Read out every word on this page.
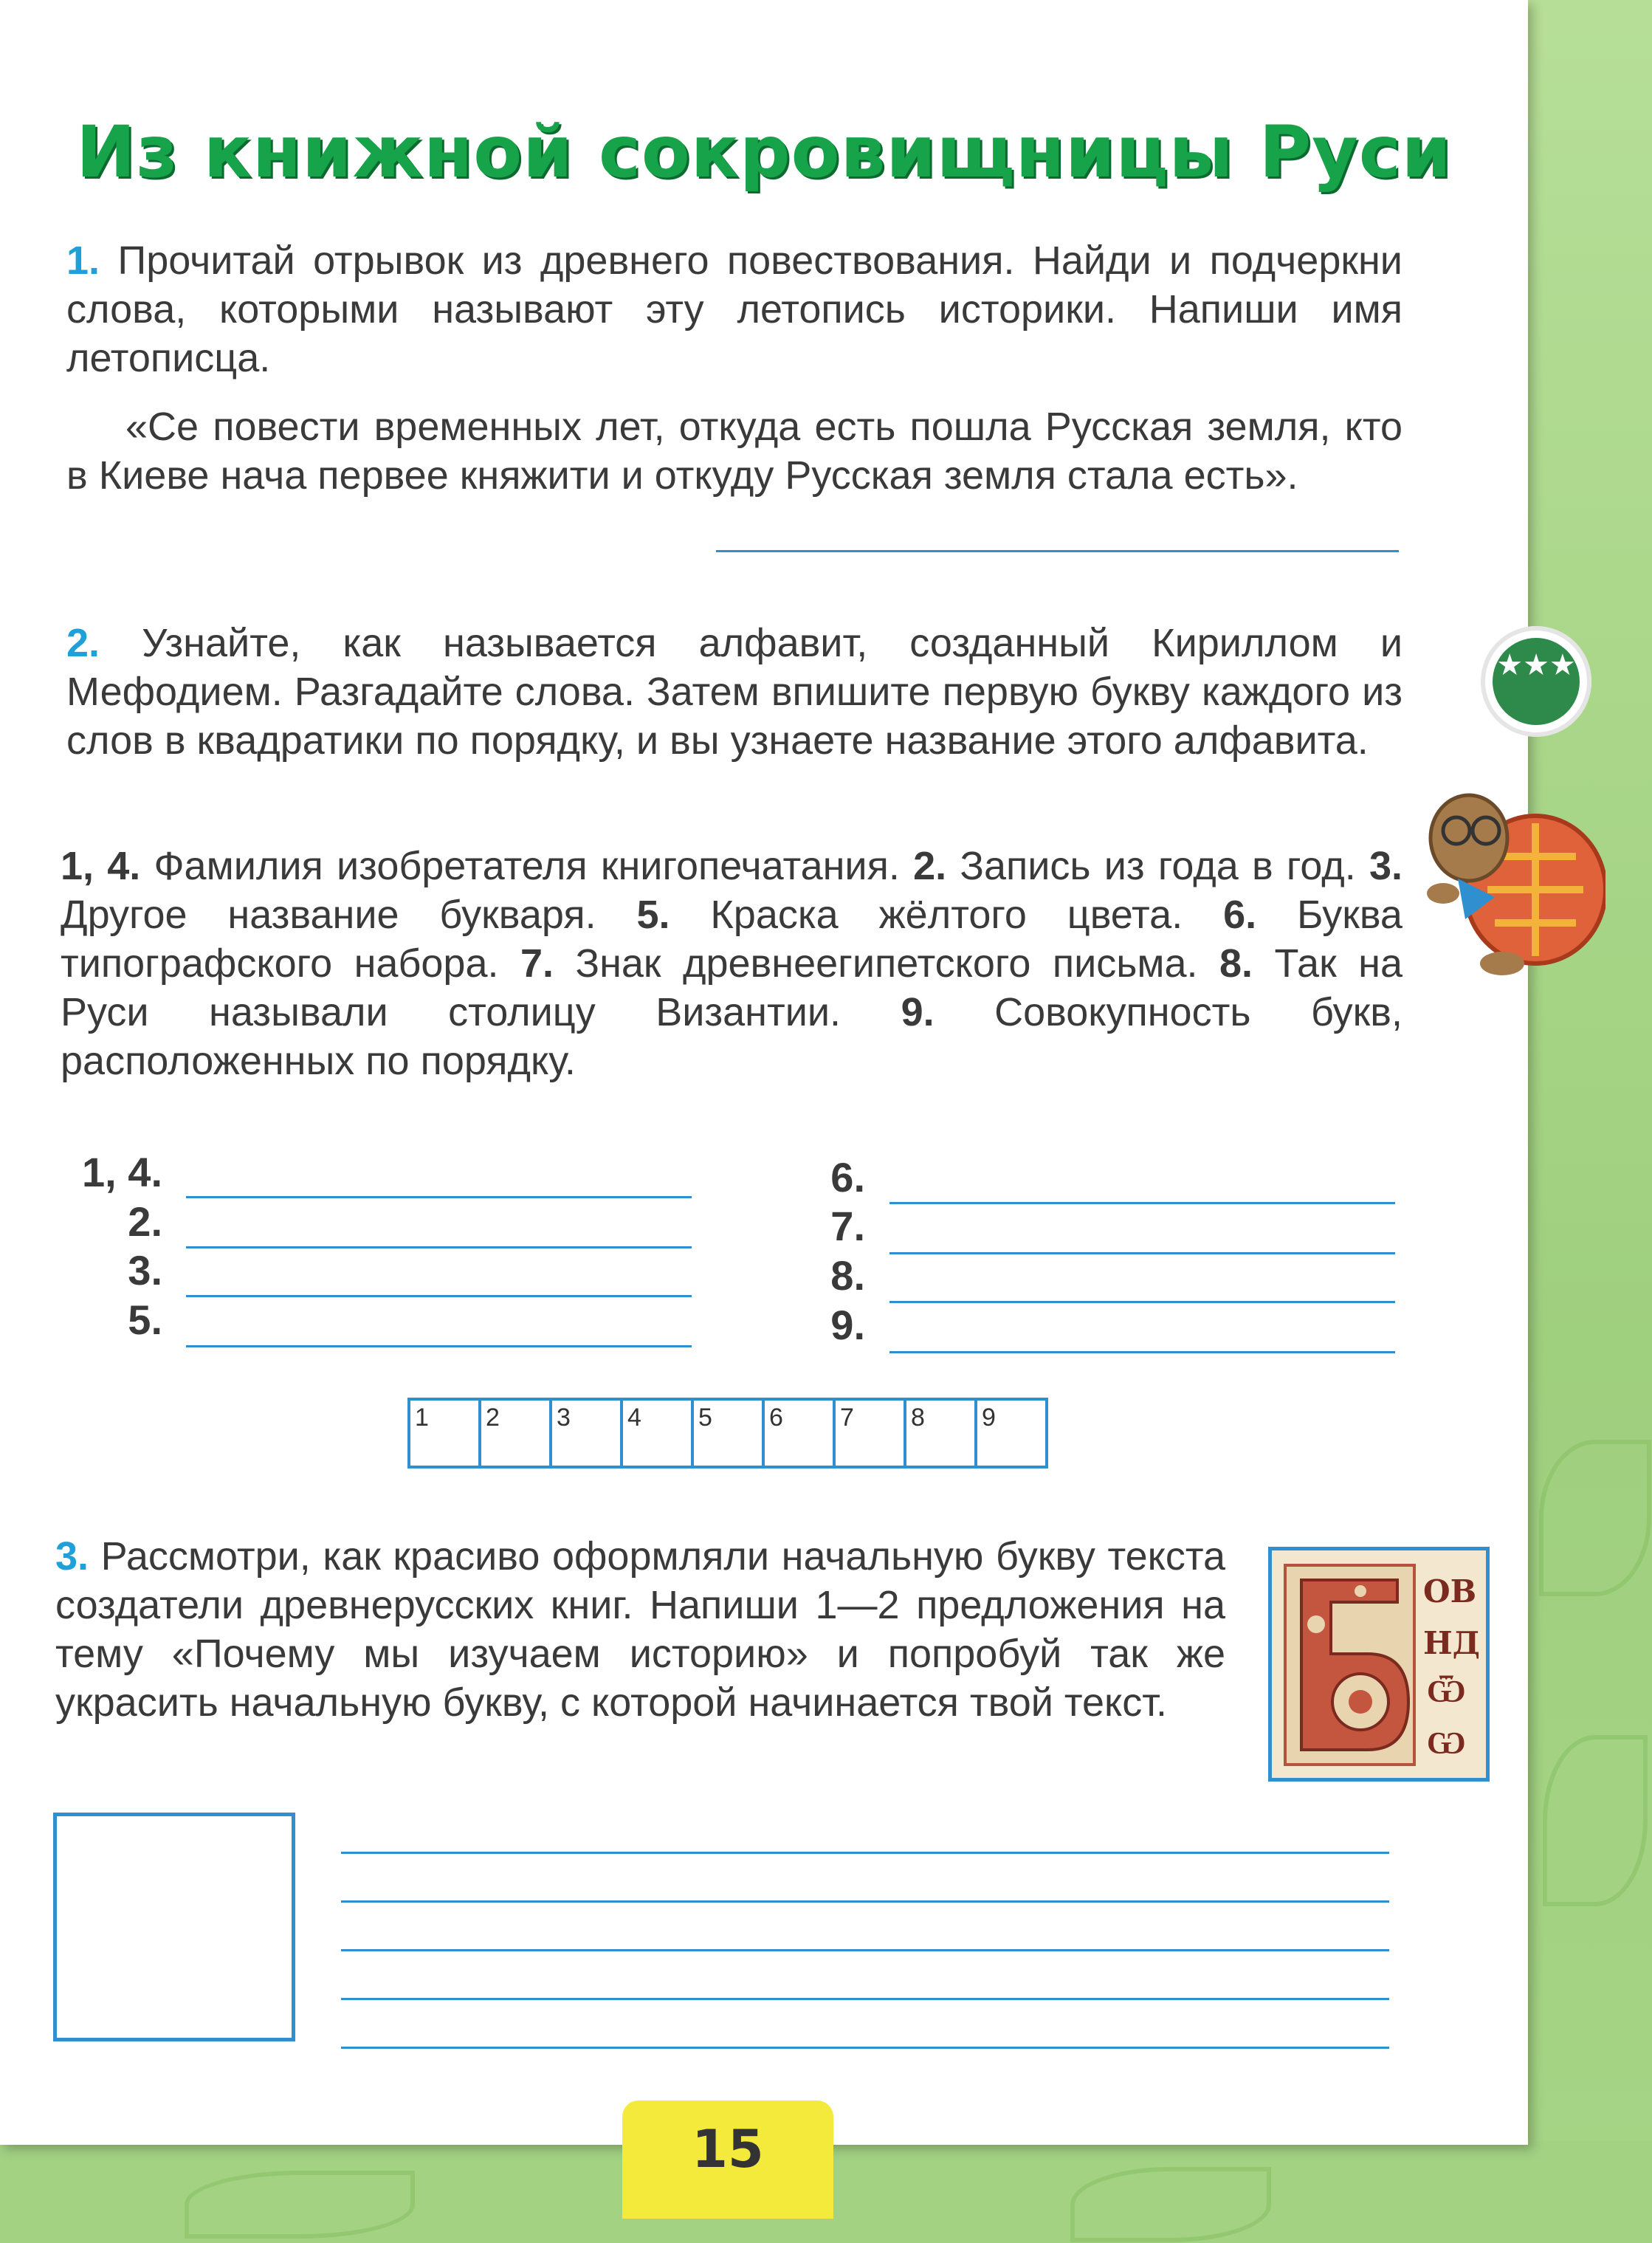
Из книжной сокровищницы Руси
1. Прочитай отрывок из древнего повествования. Найди и подчеркни слова, которыми называют эту летопись историки. Напиши имя летописца.
«Се повести временных лет, откуда есть пошла Русская земля, кто в Киеве нача первее княжити и откуду Русская земля стала есть».
2. Узнайте, как называется алфавит, созданный Кириллом и Мефодием. Разгадайте слова. Затем впишите первую букву каждого из слов в квадратики по порядку, и вы узнаете название этого алфавита.
1, 4. Фамилия изобретателя книгопечатания. 2. Запись из года в год. 3. Другое название букваря. 5. Краска жёлтого цвета. 6. Буква типографского набора. 7. Знак древнеегипетского письма. 8. Так на Руси называли столицу Византии. 9. Совокупность букв, расположенных по порядку.
1, 4.
2.
3.
5.
6.
7.
8.
9.
1 2 3 4 5 6 7 8 9
3. Рассмотри, как красиво оформляли начальную букву текста создатели древнерусских книг. Напиши 1—2 предложения на тему «Почему мы изучаем историю» и попробуй так же украсить начальную букву, с которой начинается твой текст.
ОВ
НД
Ѿ
Ѡ
★★★
15
